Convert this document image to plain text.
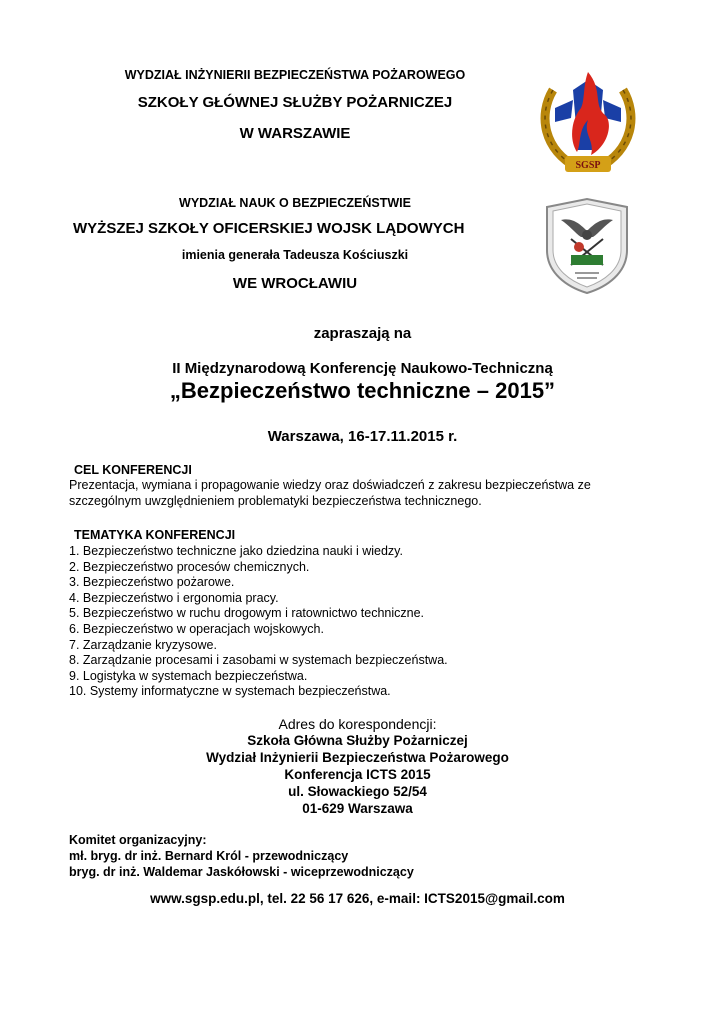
WYDZIAŁ INŻYNIERII BEZPIECZEŃSTWA POŻAROWEGO
SZKOŁY GŁÓWNEJ SŁUŻBY POŻARNICZEJ
W WARSZAWIE
SGSP
WYDZIAŁ NAUK O BEZPIECZEŃSTWIE
WYŻSZEJ SZKOŁY OFICERSKIEJ WOJSK LĄDOWYCH
imienia generała Tadeusza Kościuszki
WE WROCŁAWIU
zapraszają na
II Międzynarodową Konferencję Naukowo-Techniczną
„Bezpieczeństwo techniczne – 2015”
Warszawa, 16-17.11.2015 r.
CEL KONFERENCJI
Prezentacja, wymiana i propagowanie wiedzy oraz doświadczeń z zakresu bezpieczeństwa ze
szczególnym uwzględnieniem problematyki bezpieczeństwa technicznego.
TEMATYKA KONFERENCJI
1. Bezpieczeństwo techniczne jako dziedzina nauki i wiedzy.
2. Bezpieczeństwo procesów chemicznych.
3. Bezpieczeństwo pożarowe.
4. Bezpieczeństwo i ergonomia pracy.
5. Bezpieczeństwo w ruchu drogowym i ratownictwo techniczne.
6. Bezpieczeństwo w operacjach wojskowych.
7. Zarządzanie kryzysowe.
8. Zarządzanie procesami i zasobami w systemach bezpieczeństwa.
9. Logistyka w systemach bezpieczeństwa.
10. Systemy informatyczne w systemach bezpieczeństwa.
Adres do korespondencji:
Szkoła Główna Służby Pożarniczej
Wydział Inżynierii Bezpieczeństwa Pożarowego
Konferencja ICTS 2015
ul. Słowackiego 52/54
01-629 Warszawa
Komitet organizacyjny:
mł. bryg. dr inż. Bernard Król - przewodniczący
bryg. dr inż. Waldemar Jaskółowski - wiceprzewodniczący
www.sgsp.edu.pl, tel. 22 56 17 626, e-mail: ICTS2015@gmail.com
